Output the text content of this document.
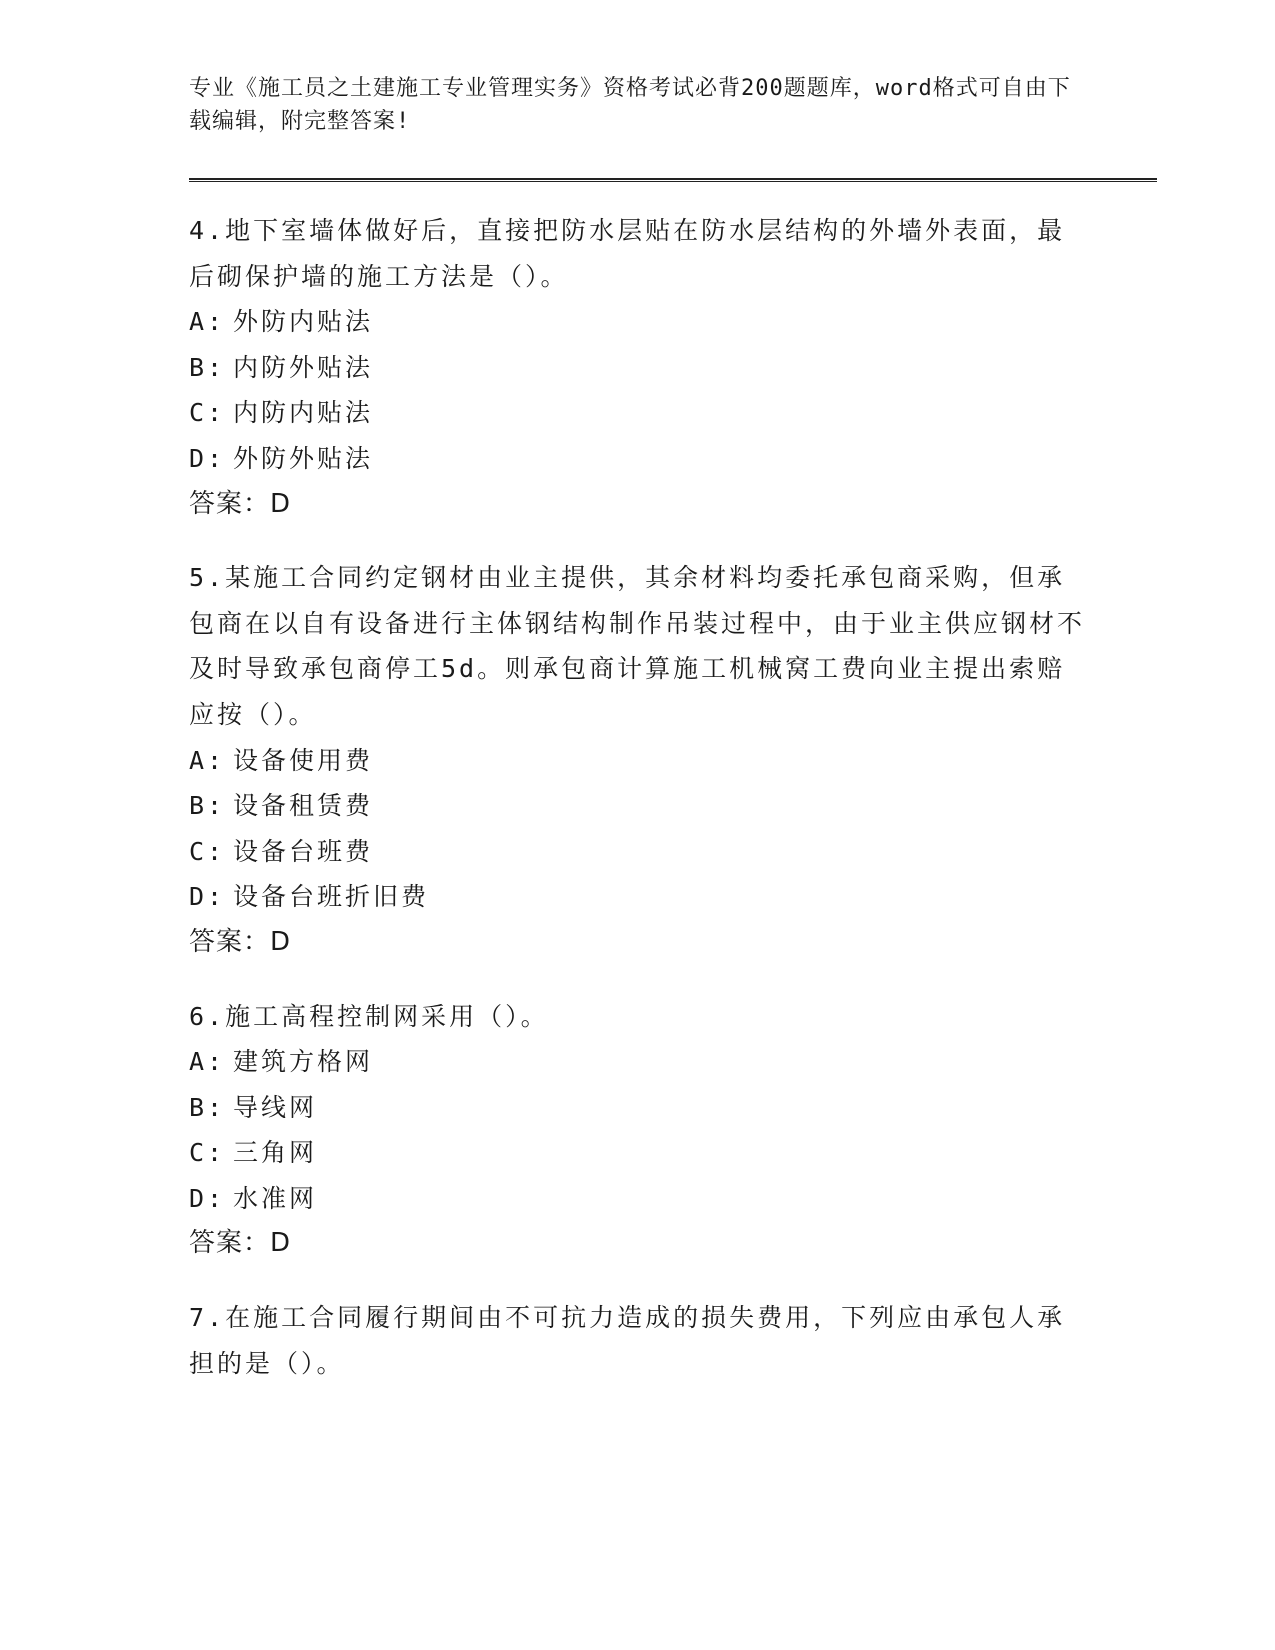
专业《施工员之土建施工专业管理实务》资格考试必背200题题库，word格式可自由下载编辑，附完整答案!
4.地下室墙体做好后，直接把防水层贴在防水层结构的外墙外表面，最后砌保护墙的施工方法是（）。
A: 外防内贴法
B: 内防外贴法
C: 内防内贴法
D: 外防外贴法
答案：D
5.某施工合同约定钢材由业主提供，其余材料均委托承包商采购，但承包商在以自有设备进行主体钢结构制作吊装过程中，由于业主供应钢材不及时导致承包商停工5d。则承包商计算施工机械窝工费向业主提出索赔应按（）。
A: 设备使用费
B: 设备租赁费
C: 设备台班费
D: 设备台班折旧费
答案：D
6.施工高程控制网采用（）。
A: 建筑方格网
B: 导线网
C: 三角网
D: 水准网
答案：D
7.在施工合同履行期间由不可抗力造成的损失费用，下列应由承包人承担的是（）。
